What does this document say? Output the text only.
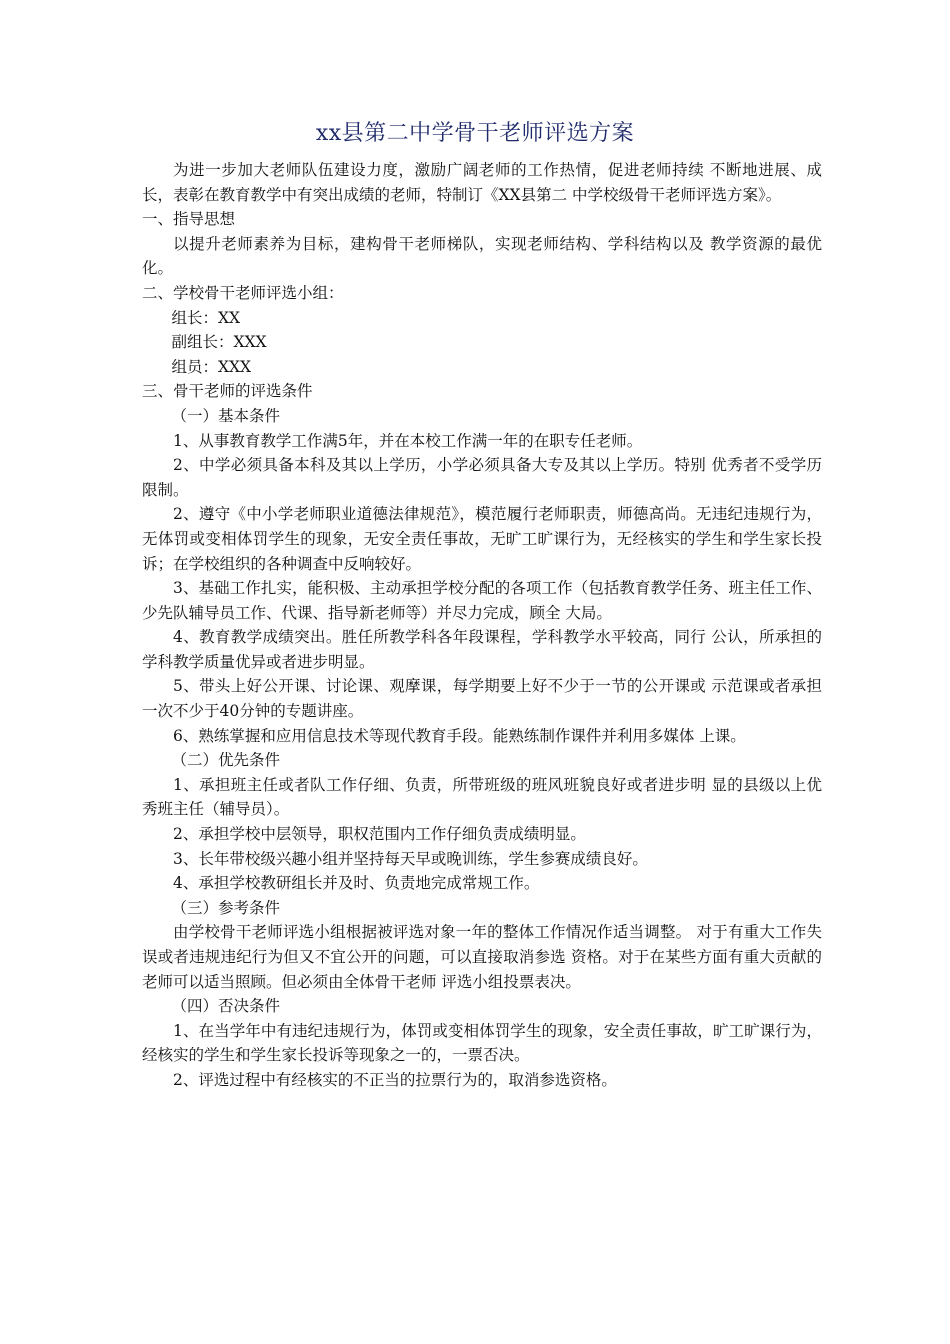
xx县第二中学骨干老师评选方案

为进一步加大老师队伍建设力度，激励广阔老师的工作热情，促进老师持续 不断地进展、成长，表彰在教育教学中有突出成绩的老师，特制订《XX县第二 中学校级骨干老师评选方案》。

一、指导思想

以提升老师素养为目标，建构骨干老师梯队，实现老师结构、学科结构以及 教学资源的最优化。

二、学校骨干老师评选小组：

组长：XX

副组长：XXX

组员：XXX

三、骨干老师的评选条件

（一）基本条件

1、从事教育教学工作满5年，并在本校工作满一年的在职专任老师。

2、中学必须具备本科及其以上学历，小学必须具备大专及其以上学历。特别 优秀者不受学历限制。

2、遵守《中小学老师职业道德法律规范》，模范履行老师职责，师德高尚。无违纪违规行为，无体罚或变相体罚学生的现象，无安全责任事故，无旷工旷课行为，无经核实的学生和学生家长投诉；在学校组织的各种调查中反响较好。

3、基础工作扎实，能积极、主动承担学校分配的各项工作（包括教育教学任务、班主任工作、少先队辅导员工作、代课、指导新老师等）并尽力完成，顾全 大局。

4、教育教学成绩突出。胜任所教学科各年段课程，学科教学水平较高，同行 公认，所承担的学科教学质量优异或者进步明显。

5、带头上好公开课、讨论课、观摩课，每学期要上好不少于一节的公开课或 示范课或者承担一次不少于40分钟的专题讲座。

6、熟练掌握和应用信息技术等现代教育手段。能熟练制作课件并利用多媒体 上课。

（二）优先条件

1、承担班主任或者队工作仔细、负责，所带班级的班风班貌良好或者进步明 显的县级以上优秀班主任（辅导员）。

2、承担学校中层领导，职权范围内工作仔细负责成绩明显。

3、长年带校级兴趣小组并坚持每天早或晚训练，学生参赛成绩良好。

4、承担学校教研组长并及时、负责地完成常规工作。

（三）参考条件

由学校骨干老师评选小组根据被评选对象一年的整体工作情况作适当调整。 对于有重大工作失误或者违规违纪行为但又不宜公开的问题，可以直接取消参选 资格。对于在某些方面有重大贡献的老师可以适当照顾。但必须由全体骨干老师 评选小组投票表决。

（四）否决条件

1、在当学年中有违纪违规行为，体罚或变相体罚学生的现象，安全责任事故，旷工旷课行为，经核实的学生和学生家长投诉等现象之一的，一票否决。

2、评选过程中有经核实的不正当的拉票行为的，取消参选资格。
